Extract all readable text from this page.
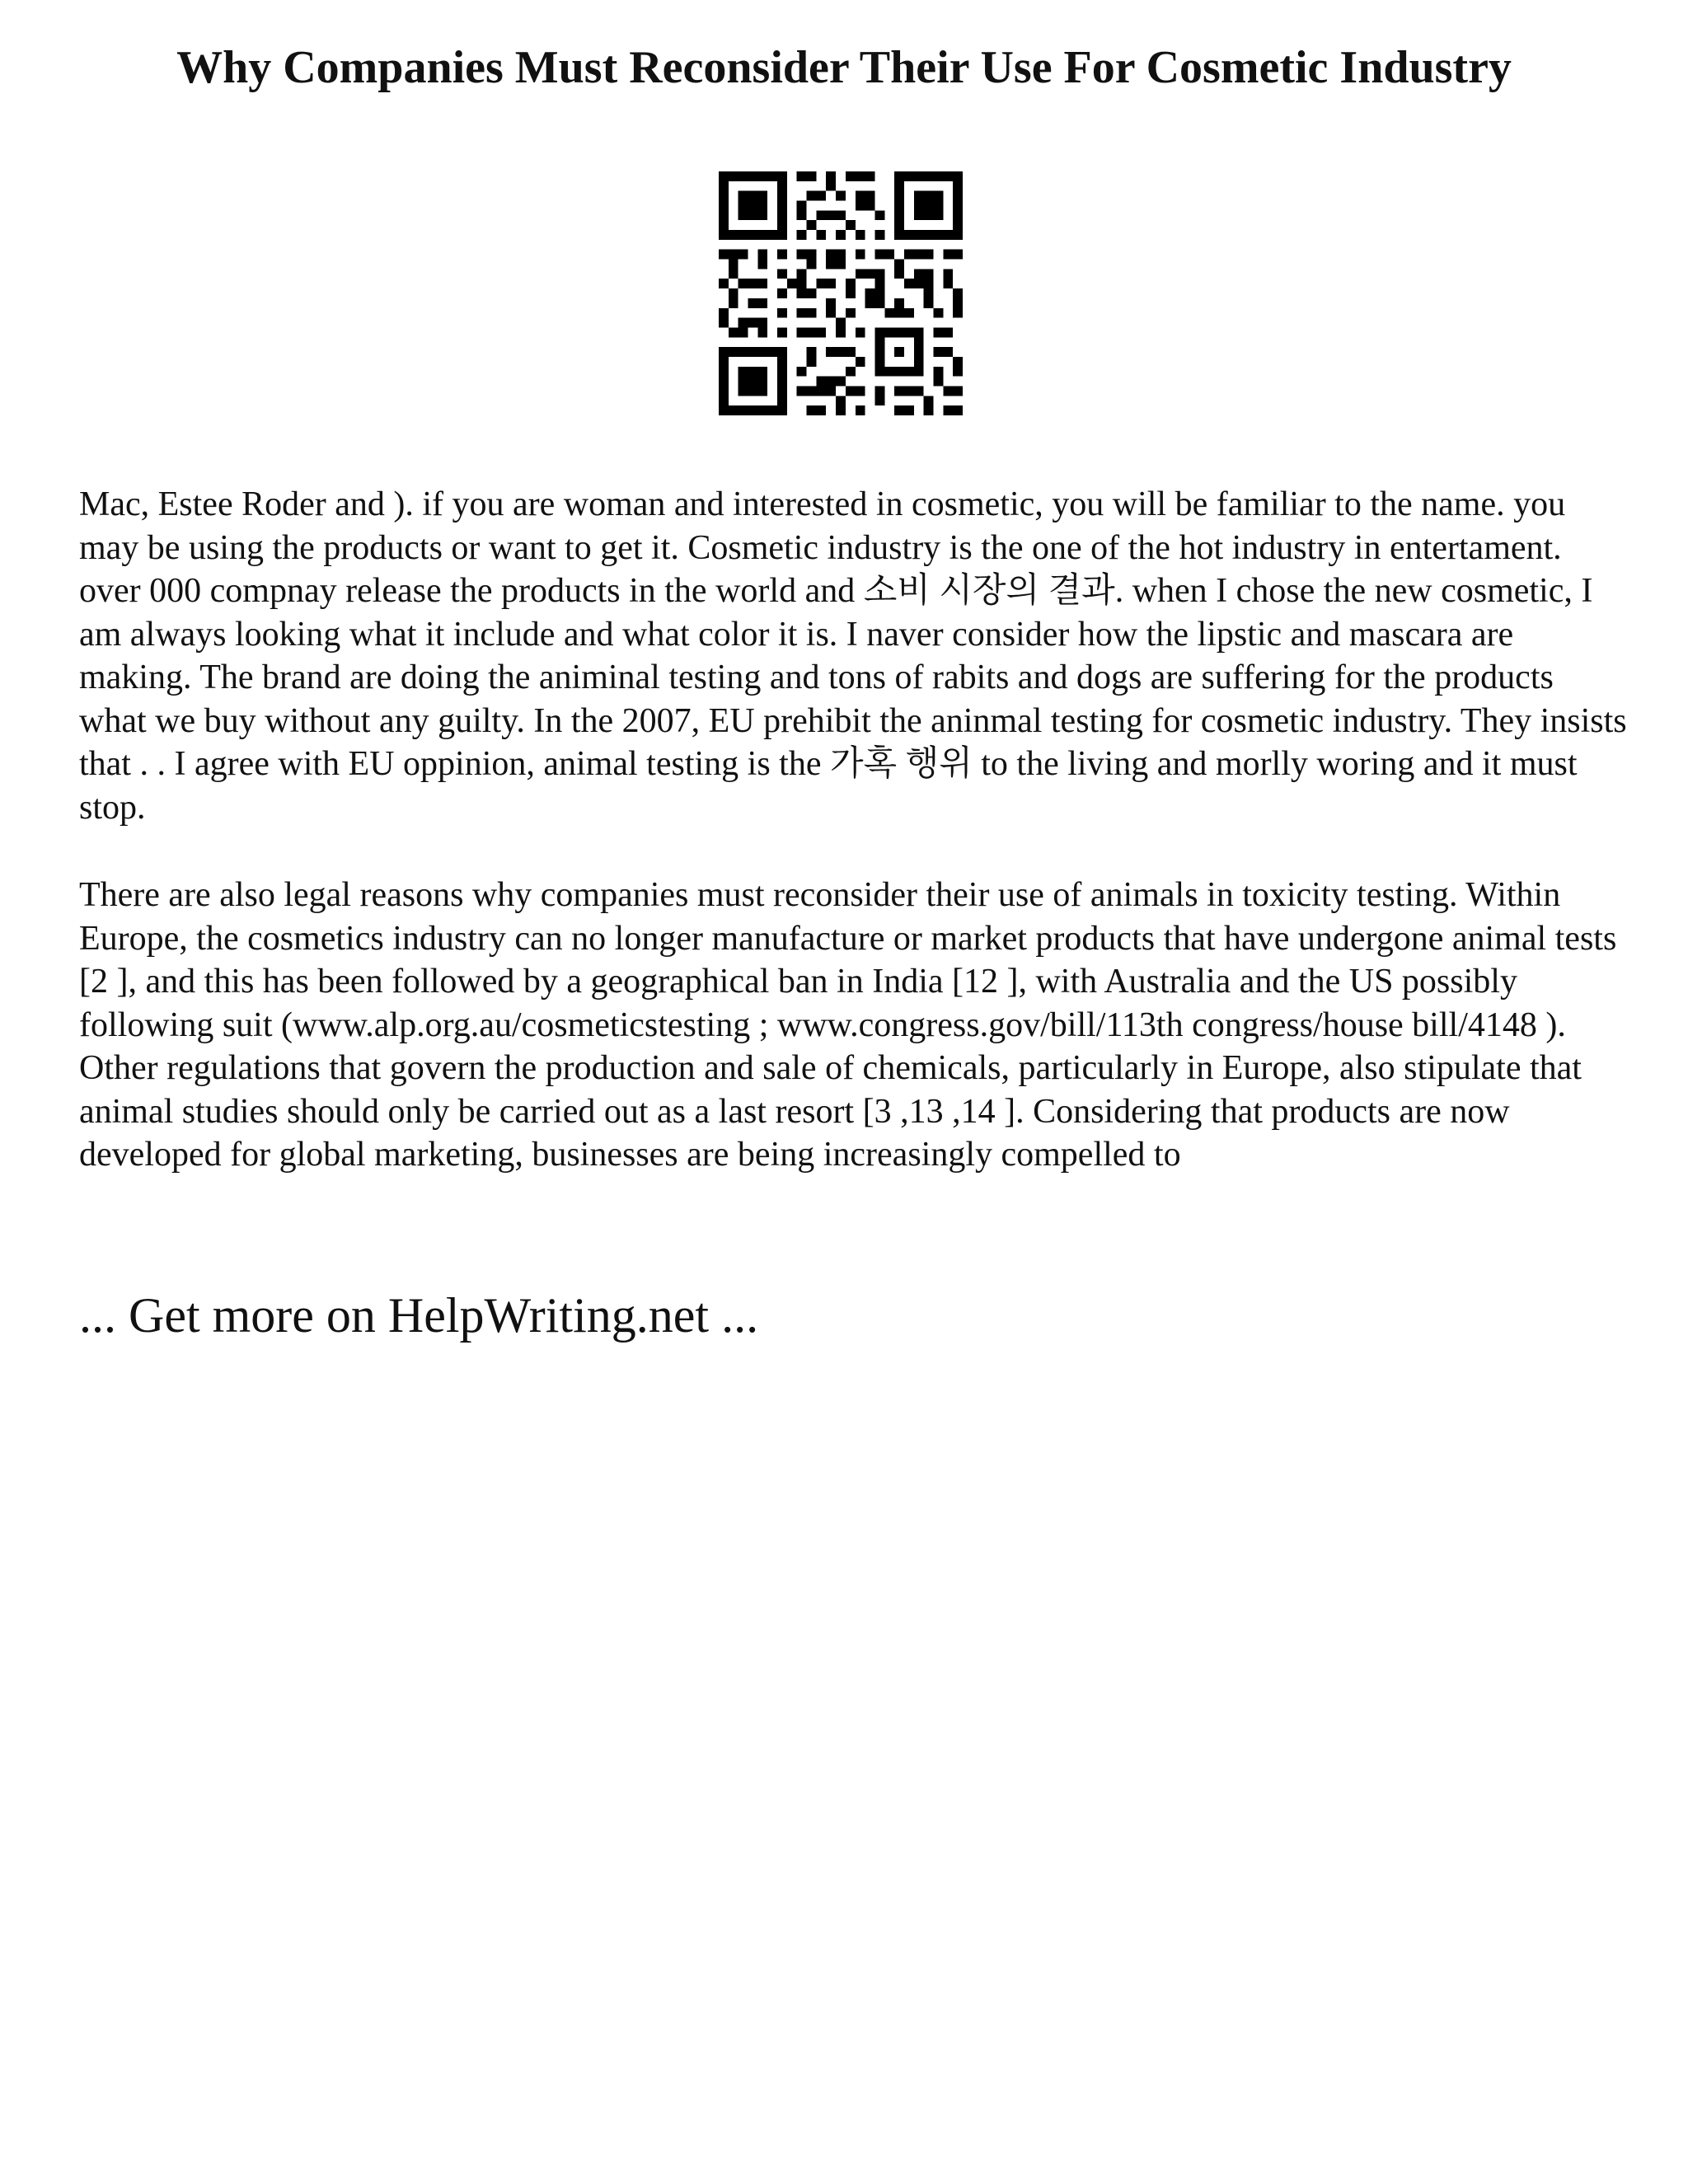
Why Companies Must Reconsider Their Use For Cosmetic Industry

Mac, Estee Roder and ). if you are woman and interested in cosmetic, you will be familiar to the name. you may be using the products or want to get it. Cosmetic industry is the one of the hot industry in entertament. over 000 compnay release the products in the world and 소비 시장의 결과. when I chose the new cosmetic, I am always looking what it include and what color it is. I naver consider how the lipstic and mascara are making. The brand are doing the animinal testing and tons of rabits and dogs are suffering for the products what we buy without any guilty. In the 2007, EU prehibit the aninmal testing for cosmetic industry. They insists that . . I agree with EU oppinion, animal testing is the 가혹 행위 to the living and morlly woring and it must stop.

There are also legal reasons why companies must reconsider their use of animals in toxicity testing. Within Europe, the cosmetics industry can no longer manufacture or market products that have undergone animal tests [2 ], and this has been followed by a geographical ban in India [12 ], with Australia and the US possibly following suit (www.alp.org.au/cosmeticstesting ; www.congress.gov/bill/113th congress/house bill/4148 ). Other regulations that govern the production and sale of chemicals, particularly in Europe, also stipulate that animal studies should only be carried out as a last resort [3 ,13 ,14 ]. Considering that products are now developed for global marketing, businesses are being increasingly compelled to

... Get more on HelpWriting.net ...
